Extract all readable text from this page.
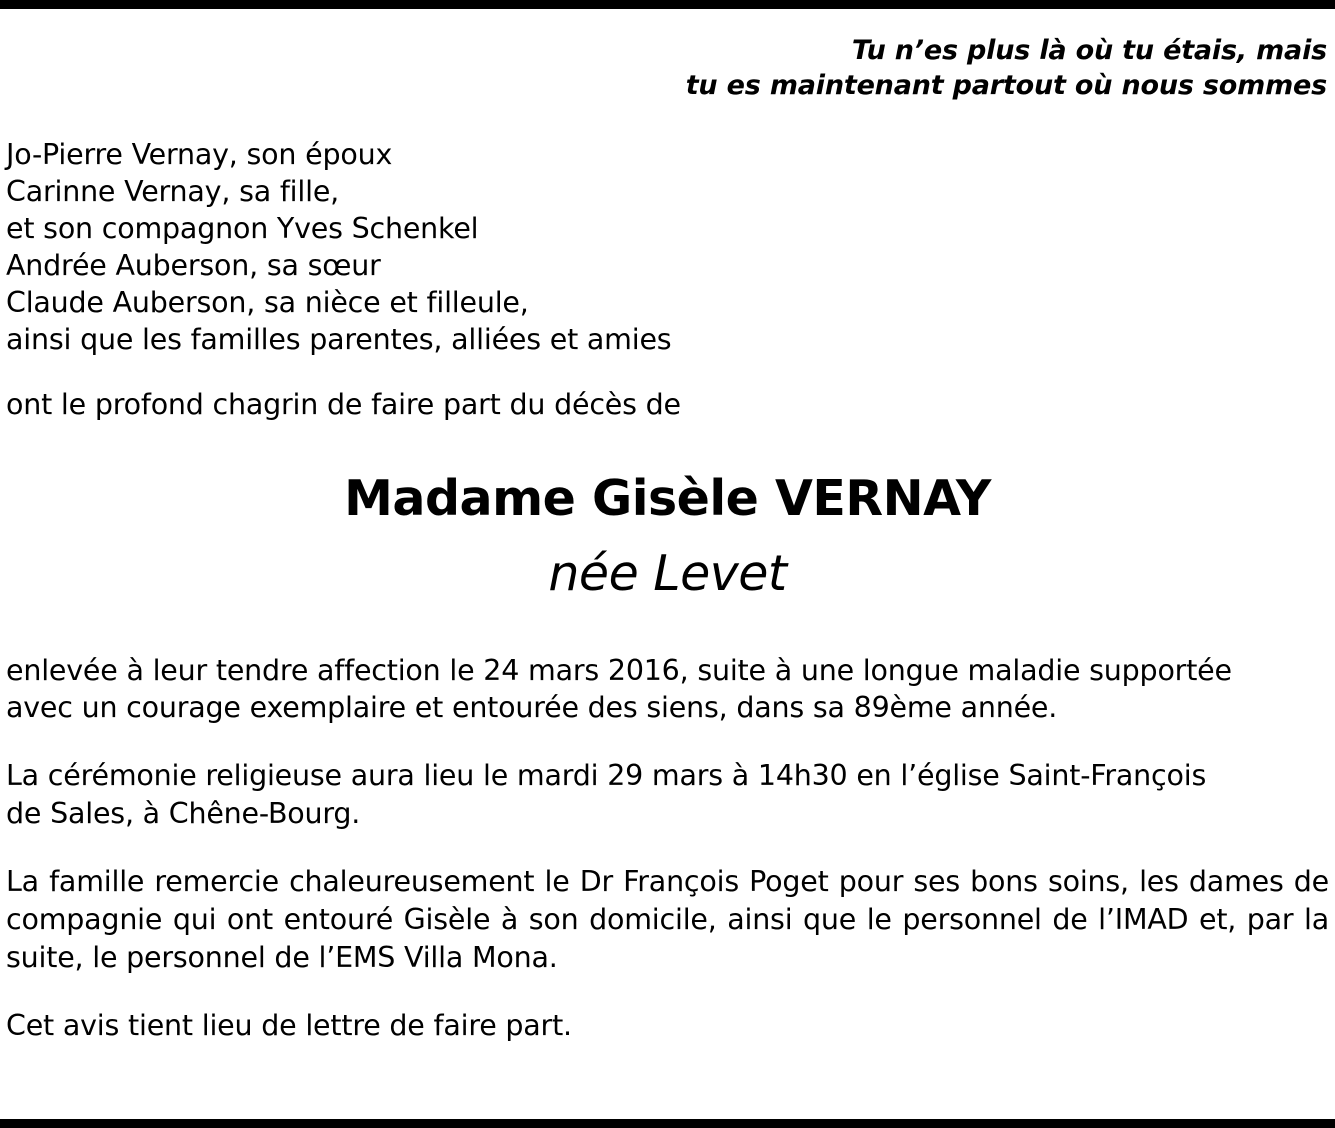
Tu n’es plus là où tu étais, mais
tu es maintenant partout où nous sommes
Jo-Pierre Vernay, son époux
Carinne Vernay, sa fille,
et son compagnon Yves Schenkel
Andrée Auberson, sa sœur
Claude Auberson, sa nièce et filleule,
ainsi que les familles parentes, alliées et amies
ont le profond chagrin de faire part du décès de
Madame Gisèle VERNAY
née Levet
enlevée à leur tendre affection le 24 mars 2016, suite à une longue maladie supportée
avec un courage exemplaire et entourée des siens, dans sa 89ème année.
La cérémonie religieuse aura lieu le mardi 29 mars à 14h30 en l’église Saint-François
de Sales, à Chêne-Bourg.
La famille remercie chaleureusement le Dr François Poget pour ses bons soins, les dames de compagnie qui ont entouré Gisèle à son domicile, ainsi que le personnel de l’IMAD et, par la suite, le personnel de l’EMS Villa Mona.
Cet avis tient lieu de lettre de faire part.
